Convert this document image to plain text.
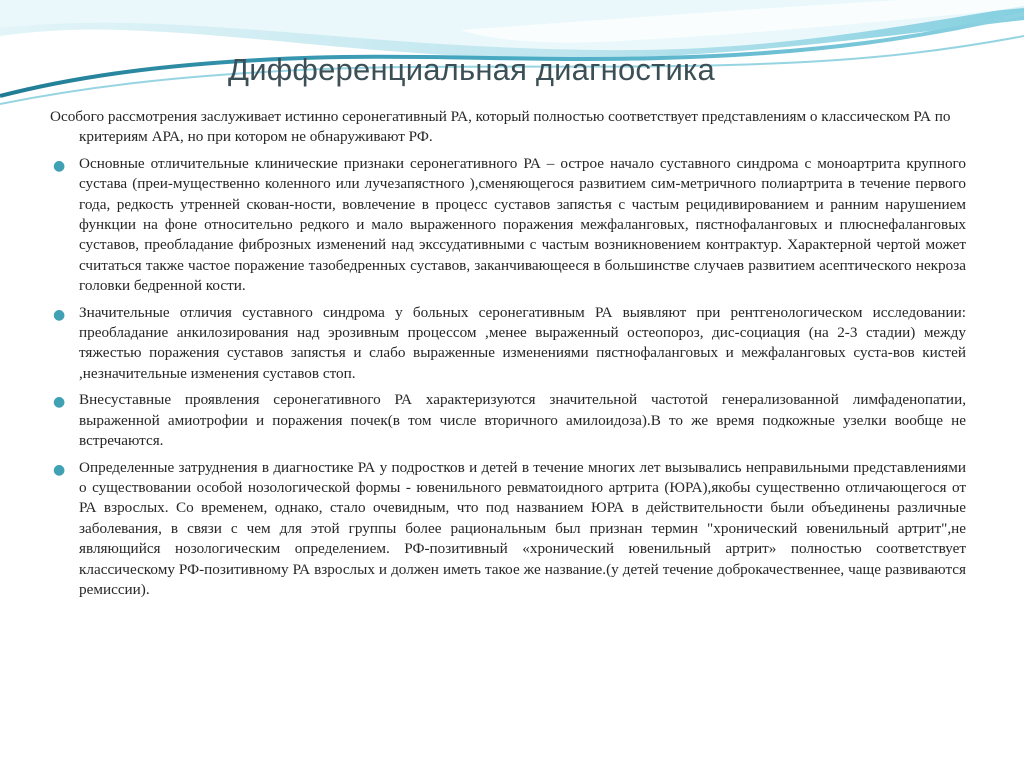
Дифференциальная диагностика

Особого рассмотрения заслуживает истинно серонегативный РА, который полностью соответствует представлениям о классическом РА по критериям АРА, но при котором не обнаруживают РФ.

● Основные отличительные клинические признаки серонегативного РА – острое начало суставного синдрома с моноартрита крупного сустава (преи-мущественно коленного или лучезапястного ),сменяющегося развитием сим-метричного полиартрита в течение первого года, редкость утренней скован-ности, вовлечение в процесс суставов запястья с частым рецидивированием и ранним нарушением функции на фоне относительно редкого и мало выраженного поражения межфаланговых, пястнофаланговых и плюснефаланговых суставов, преобладание фиброзных изменений над экссудативными с частым возникновением контрактур. Характерной чертой может считаться также частое поражение тазобедренных суставов, заканчивающееся в большинстве случаев развитием асептического некроза головки бедренной кости.
● Значительные отличия суставного синдрома у больных серонегативным РА выявляют при рентгенологическом исследовании: преобладание анкилозирования над эрозивным процессом ,менее выраженный остеопороз, дис-социация (на 2-3 стадии) между тяжестью поражения суставов запястья и слабо выраженные изменениями пястнофаланговых и межфаланговых суста-вов кистей ,незначительные изменения суставов стоп.
● Внесуставные проявления серонегативного РА характеризуются значительной частотой генерализованной лимфаденопатии, выраженной амиотрофии и поражения почек(в том числе вторичного амилоидоза).В то же время подкожные узелки вообще не встречаются.
● Определенные затруднения в диагностике РА у подростков и детей в течение многих лет вызывались неправильными представлениями о существовании особой нозологической формы - ювенильного ревматоидного артрита (ЮРА),якобы существенно отличающегося от РА взрослых. Со временем, однако, стало очевидным, что под названием ЮРА в действительности были объединены различные заболевания, в связи с чем для этой группы более рациональным был признан термин "хронический ювенильный артрит",не являющийся нозологическим определением. РФ-позитивный «хронический ювенильный артрит» полностью соответствует классическому РФ-позитивному РА взрослых и должен иметь такое же название.(у детей течение доброкачественнее, чаще развиваются ремиссии).
